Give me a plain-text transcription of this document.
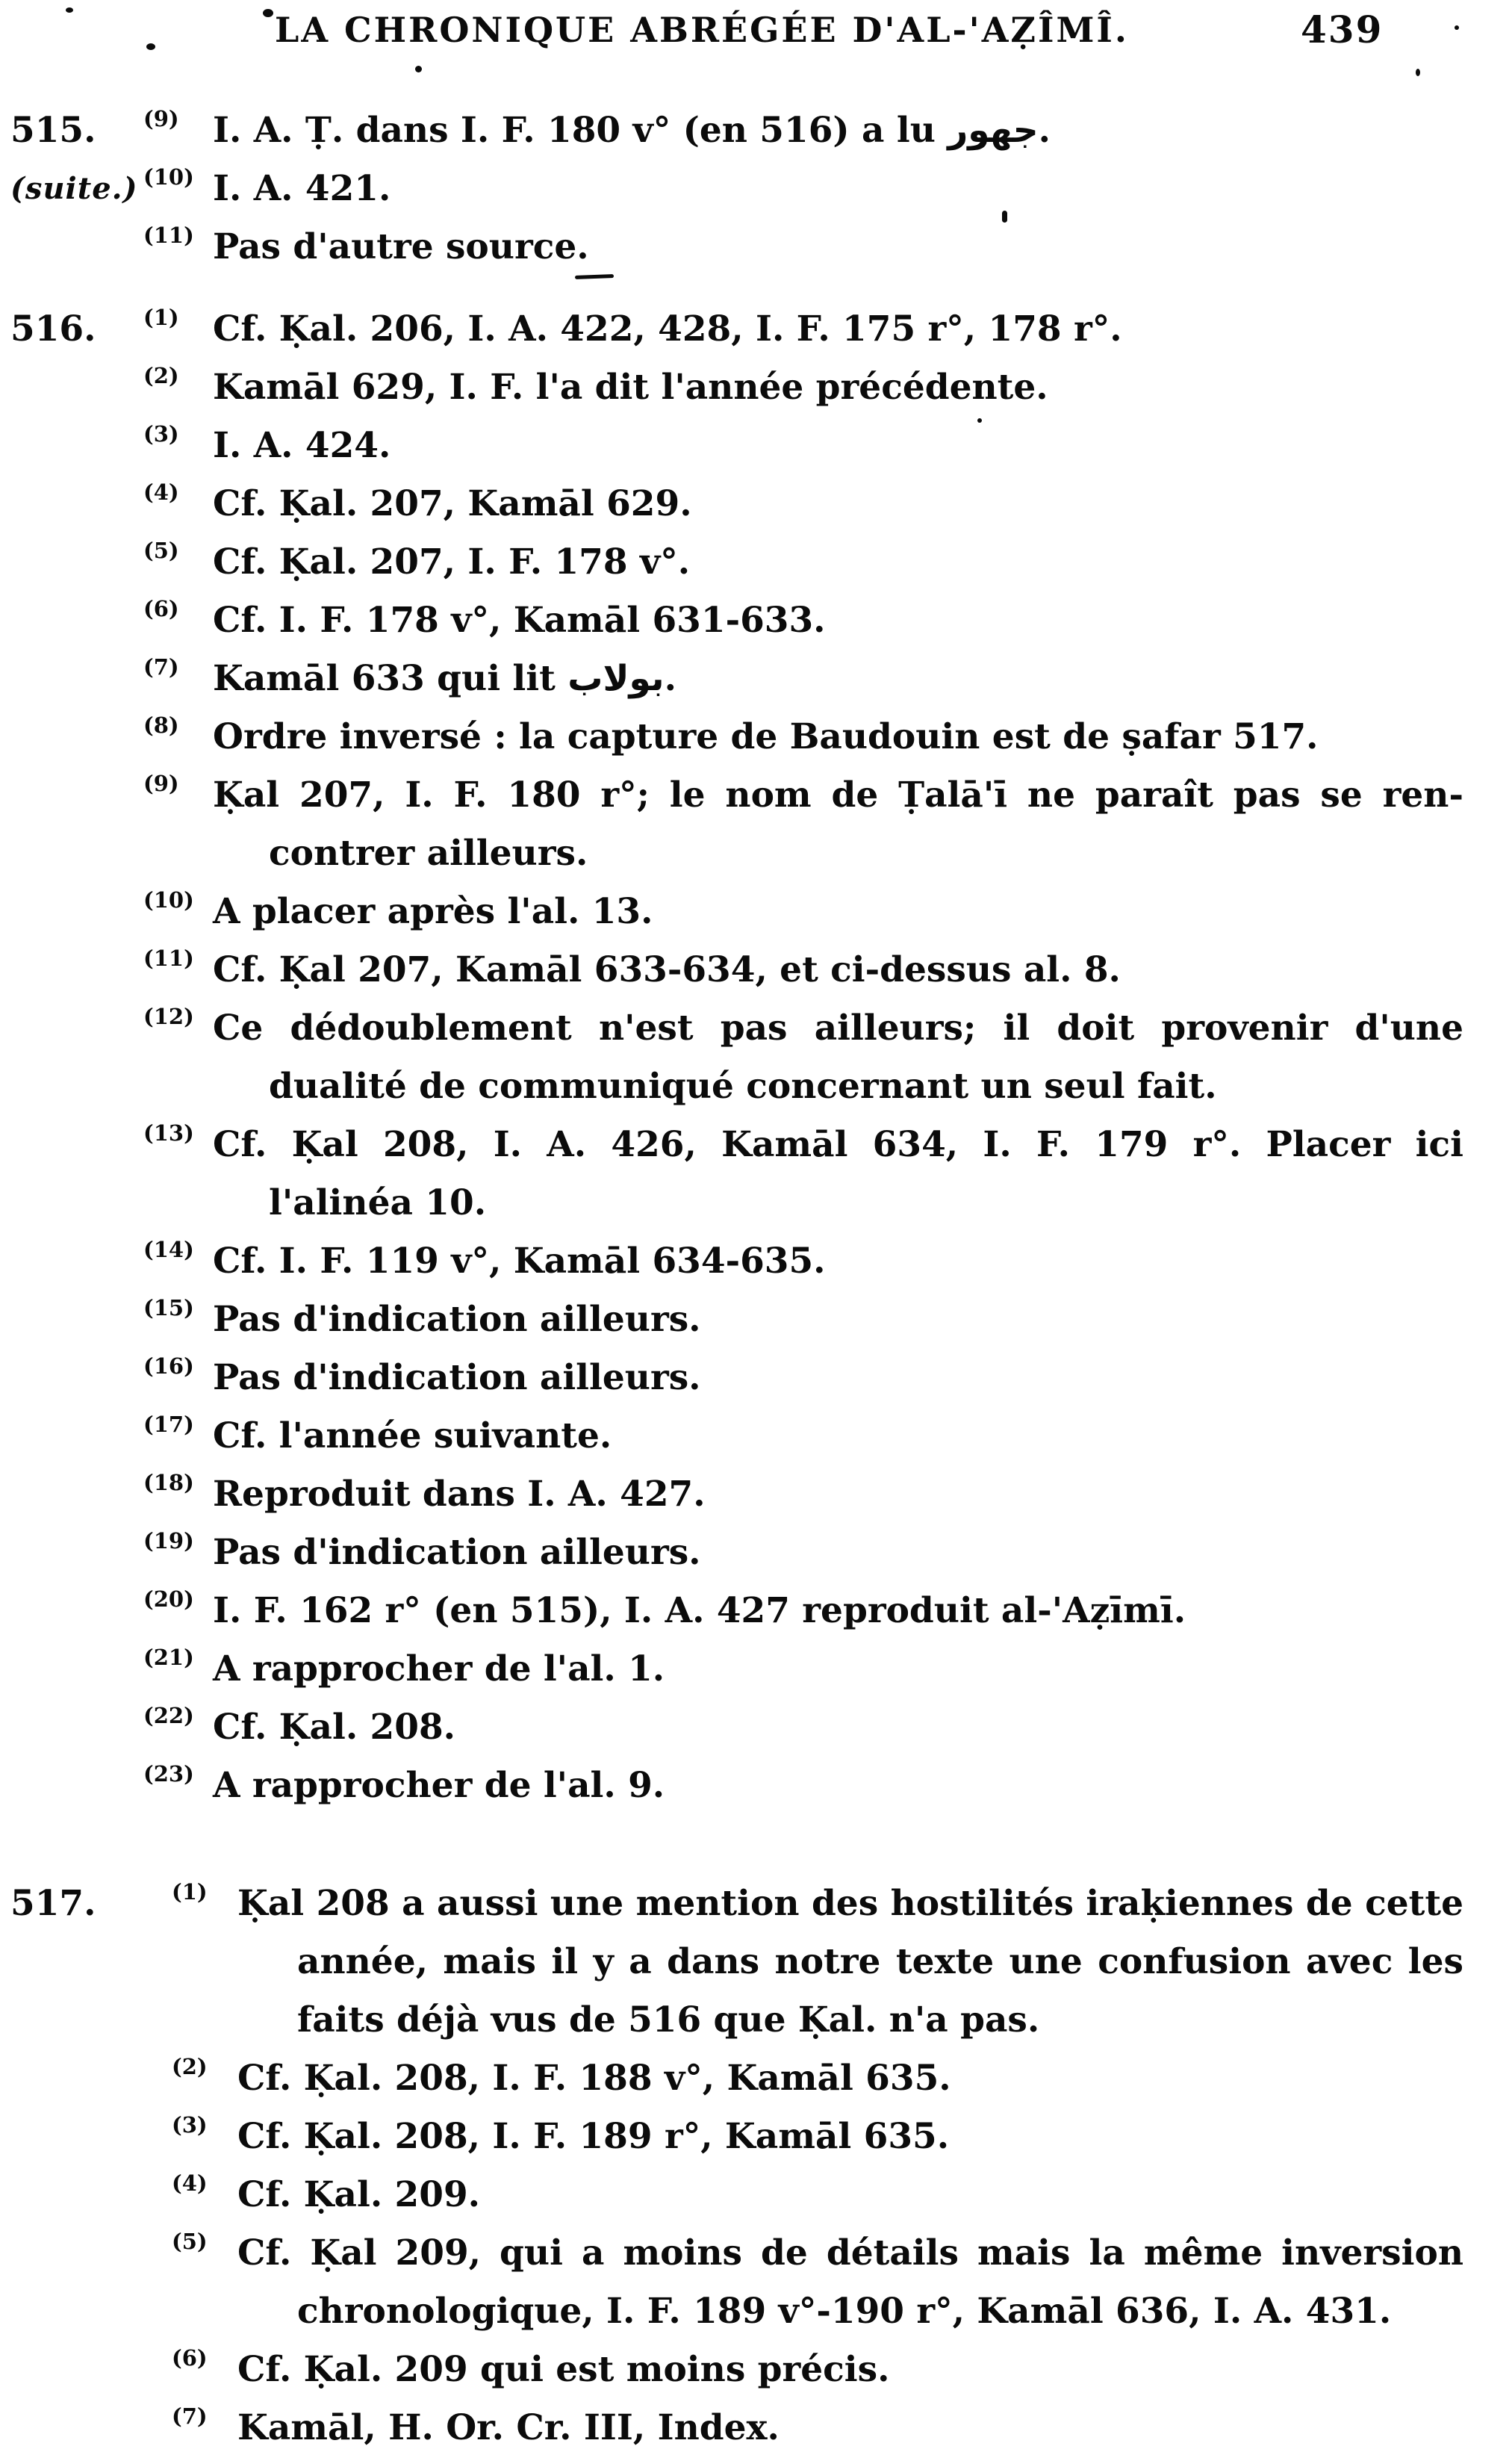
LA CHRONIQUE ABRÉGÉE D'AL-'AẒÎMÎ.	439
515. (9) I. A. Ṭ. dans I. F. 180 v° (en 516) a lu جهور.
(suite.) (10) I. A. 421.
(11) Pas d'autre source.
516. (1) Cf. Ḳal. 206, I. A. 422, 428, I. F. 175 r°, 178 r°.
(2) Kamāl 629, I. F. l'a dit l'année précédente.
(3) I. A. 424.
(4) Cf. Ḳal. 207, Kamāl 629.
(5) Cf. Ḳal. 207, I. F. 178 v°.
(6) Cf. I. F. 178 v°, Kamāl 631-633.
(7) Kamāl 633 qui lit بولاب.
(8) Ordre inversé : la capture de Baudouin est de ṣafar 517.
(9) Ḳal 207, I. F. 180 r°; le nom de Ṭalā'ī ne paraît pas se ren-
contrer ailleurs.
(10) A placer après l'al. 13.
(11) Cf. Ḳal 207, Kamāl 633-634, et ci-dessus al. 8.
(12) Ce dédoublement n'est pas ailleurs; il doit provenir d'une
dualité de communiqué concernant un seul fait.
(13) Cf. Ḳal 208, I. A. 426, Kamāl 634, I. F. 179 r°. Placer ici
l'alinéa 10.
(14) Cf. I. F. 119 v°, Kamāl 634-635.
(15) Pas d'indication ailleurs.
(16) Pas d'indication ailleurs.
(17) Cf. l'année suivante.
(18) Reproduit dans I. A. 427.
(19) Pas d'indication ailleurs.
(20) I. F. 162 r° (en 515), I. A. 427 reproduit al-'Aẓīmī.
(21) A rapprocher de l'al. 1.
(22) Cf. Ḳal. 208.
(23) A rapprocher de l'al. 9.
517.	(1) Ḳal 208 a aussi une mention des hostilités iraḳiennes de cette
année, mais il y a dans notre texte une confusion avec les
faits déjà vus de 516 que Ḳal. n'a pas.
(2) Cf. Ḳal. 208, I. F. 188 v°, Kamāl 635.
(3) Cf. Ḳal. 208, I. F. 189 r°, Kamāl 635.
(4) Cf. Ḳal. 209.
(5) Cf. Ḳal 209, qui a moins de détails mais la même inversion
chronologique, I. F. 189 v°-190 r°, Kamāl 636, I. A. 431.
(6) Cf. Ḳal. 209 qui est moins précis.
(7) Kamāl, H. Or. Cr. III, Index.
